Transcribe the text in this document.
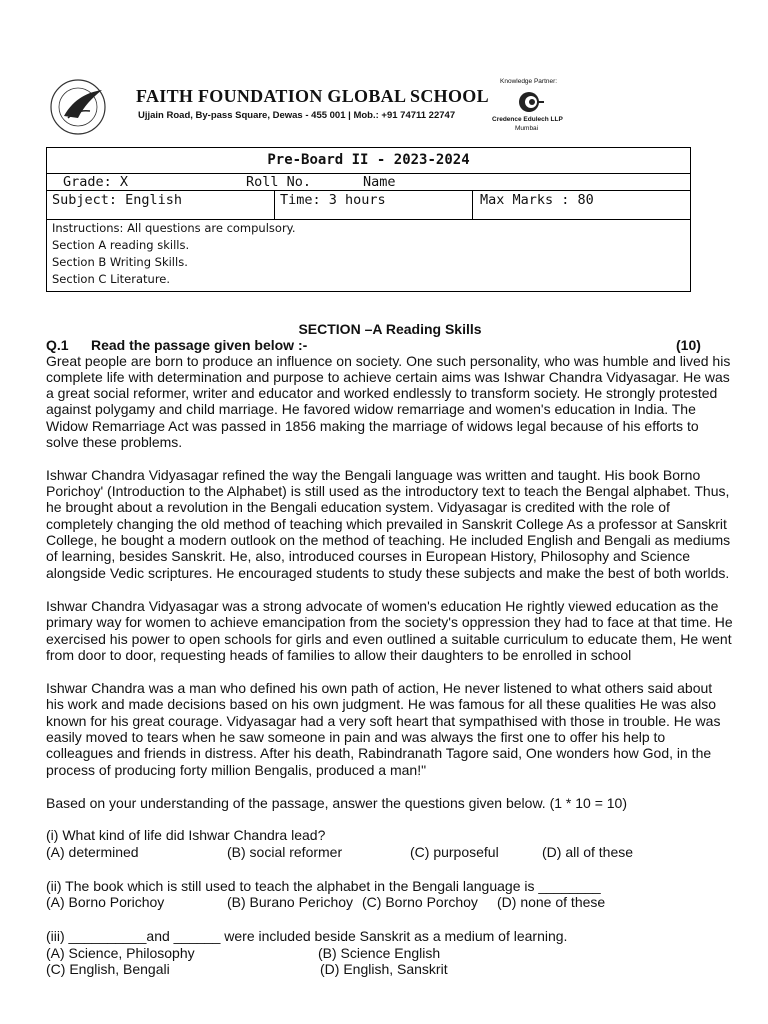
FAITH FOUNDATION GLOBAL SCHOOL
Ujjain Road, By-pass Square, Dewas - 455 001 | Mob.: +91 74711 22747
Knowledge Partner:
Credence Edulech LLP
Mumbai
Pre-Board II - 2023-2024
Grade: X	Roll No.	Name
Subject: English	Time: 3 hours	Max Marks : 80
Instructions: All questions are compulsory.
Section A reading skills.
Section B Writing Skills.
Section C Literature.
SECTION –A Reading Skills
Q.1 Read the passage given below :-	(10)
Great people are born to produce an influence on society. One such personality, who was humble and lived his
complete life with determination and purpose to achieve certain aims was Ishwar Chandra Vidyasagar. He was
a great social reformer, writer and educator and worked endlessly to transform society. He strongly protested
against polygamy and child marriage. He favored widow remarriage and women's education in India. The
Widow Remarriage Act was passed in 1856 making the marriage of widows legal because of his efforts to
solve these problems.
Ishwar Chandra Vidyasagar refined the way the Bengali language was written and taught. His book Borno
Porichoy' (Introduction to the Alphabet) is still used as the introductory text to teach the Bengal alphabet. Thus,
he brought about a revolution in the Bengali education system. Vidyasagar is credited with the role of
completely changing the old method of teaching which prevailed in Sanskrit College As a professor at Sanskrit
College, he bought a modern outlook on the method of teaching. He included English and Bengali as mediums
of learning, besides Sanskrit. He, also, introduced courses in European History, Philosophy and Science
alongside Vedic scriptures. He encouraged students to study these subjects and make the best of both worlds.
Ishwar Chandra Vidyasagar was a strong advocate of women's education He rightly viewed education as the
primary way for women to achieve emancipation from the society's oppression they had to face at that time. He
exercised his power to open schools for girls and even outlined a suitable curriculum to educate them, He went
from door to door, requesting heads of families to allow their daughters to be enrolled in school
Ishwar Chandra was a man who defined his own path of action, He never listened to what others said about
his work and made decisions based on his own judgment. He was famous for all these qualities He was also
known for his great courage. Vidyasagar had a very soft heart that sympathised with those in trouble. He was
easily moved to tears when he saw someone in pain and was always the first one to offer his help to
colleagues and friends in distress. After his death, Rabindranath Tagore said, One wonders how God, in the
process of producing forty million Bengalis, produced a man!"
Based on your understanding of the passage, answer the questions given below. (1 * 10 = 10)
(i) What kind of life did Ishwar Chandra lead?
(A) determined	(B) social reformer	(C) purposeful	(D) all of these
(ii) The book which is still used to teach the alphabet in the Bengali language is ________
(A) Borno Porichoy	(B) Burano Perichoy (C) Borno Porchoy (D) none of these
(iii) __________and ______ were included beside Sanskrit as a medium of learning.
(A) Science, Philosophy	(B) Science English
(C) English, Bengali	(D) English, Sanskrit
